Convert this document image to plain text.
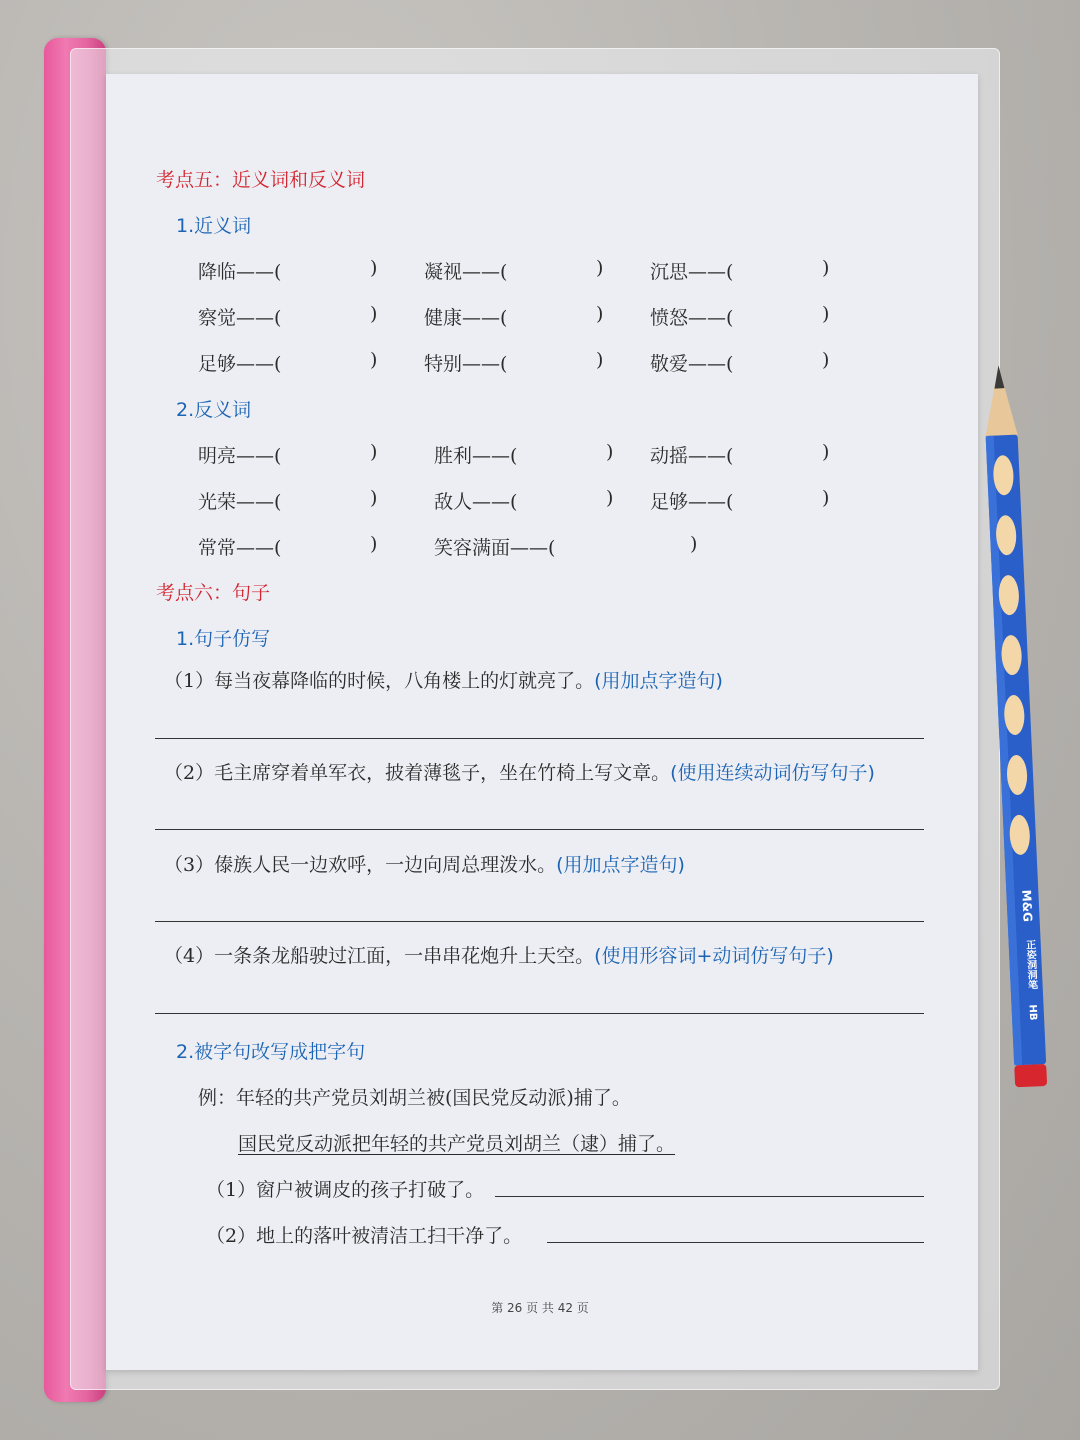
考点五：近义词和反义词
1.近义词
降临——(	) 凝视——(	) 沉思——(	)
察觉——(	) 健康——(	) 愤怒——(	)
足够——(	) 特别——(	) 敬爱——(	)
2.反义词
明亮——(	)	胜利——(	) 动摇——(	)
光荣——(	)	敌人——(	) 足够——(	)
常常——(	)	笑容满面——(	)
考点六：句子
1.句子仿写
（1）每当夜幕降临的时候，八角楼上的灯就亮了。(用加点字造句)
（2）毛主席穿着单军衣，披着薄毯子，坐在竹椅上写文章。(使用连续动词仿写句子)
（3）傣族人民一边欢呼，一边向周总理泼水。(用加点字造句)
（4）一条条龙船驶过江面，一串串花炮升上天空。(使用形容词+动词仿写句子)
2.被字句改写成把字句
例：年轻的共产党员刘胡兰被(国民党反动派)捕了。
国民党反动派把年轻的共产党员刘胡兰（逮）捕了。
（1）窗户被调皮的孩子打破了。
（2）地上的落叶被清洁工扫干净了。
第 26 页 共 42 页
M&G 正姿洞洞笔 HB
